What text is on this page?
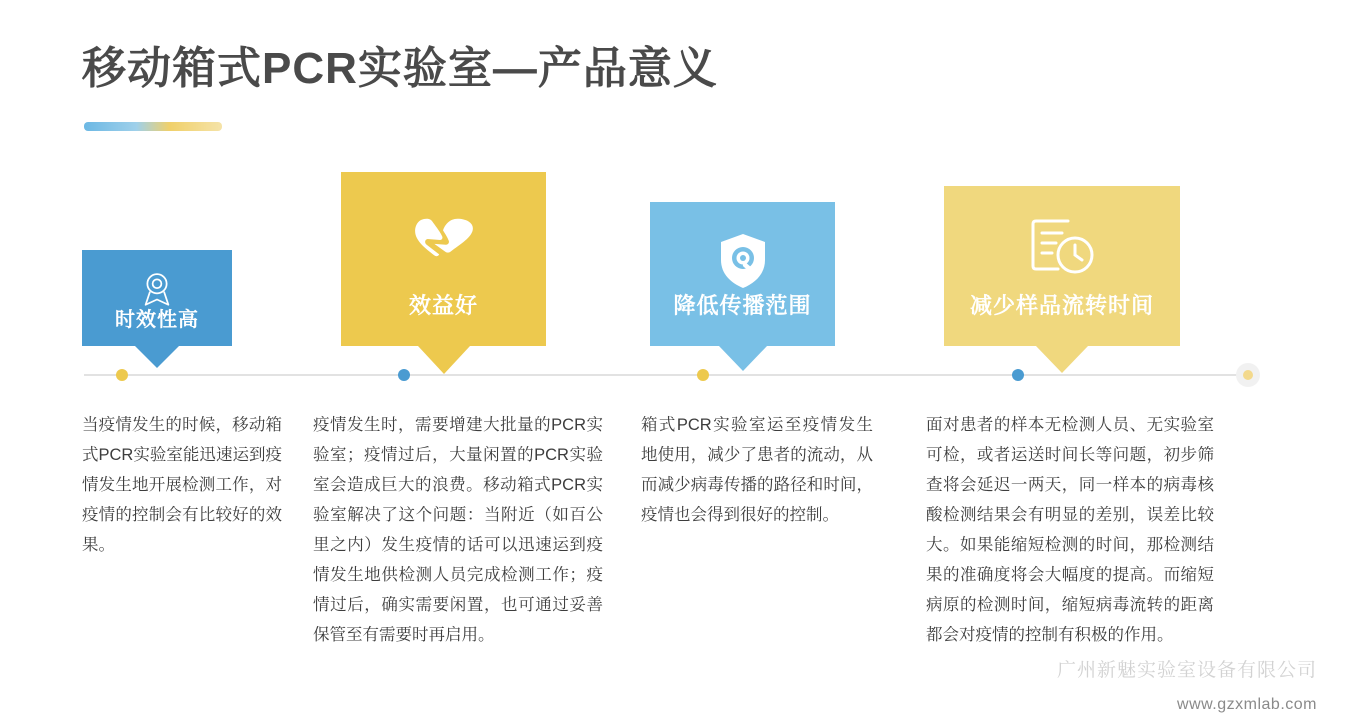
移动箱式PCR实验室—产品意义
时效性高
效益好	降低传播范围	减少样品流转时间
当疫情发生的时候，移动箱式PCR实验室能迅速运到疫情发生地开展检测工作，对疫情的控制会有比较好的效果。
疫情发生时，需要增建大批量的PCR实验室；疫情过后，大量闲置的PCR实验室会造成巨大的浪费。移动箱式PCR实验室解决了这个问题：当附近（如百公里之内）发生疫情的话可以迅速运到疫情发生地供检测人员完成检测工作；疫情过后，确实需要闲置，也可通过妥善保管至有需要时再启用。
箱式PCR实验室运至疫情发生地使用，减少了患者的流动，从而减少病毒传播的路径和时间，疫情也会得到很好的控制。
面对患者的样本无检测人员、无实验室可检，或者运送时间长等问题，初步筛查将会延迟一两天，同一样本的病毒核酸检测结果会有明显的差别，误差比较大。如果能缩短检测的时间，那检测结果的准确度将会大幅度的提高。而缩短病原的检测时间，缩短病毒流转的距离都会对疫情的控制有积极的作用。
广州新魅实验室设备有限公司
www.gzxmlab.com
